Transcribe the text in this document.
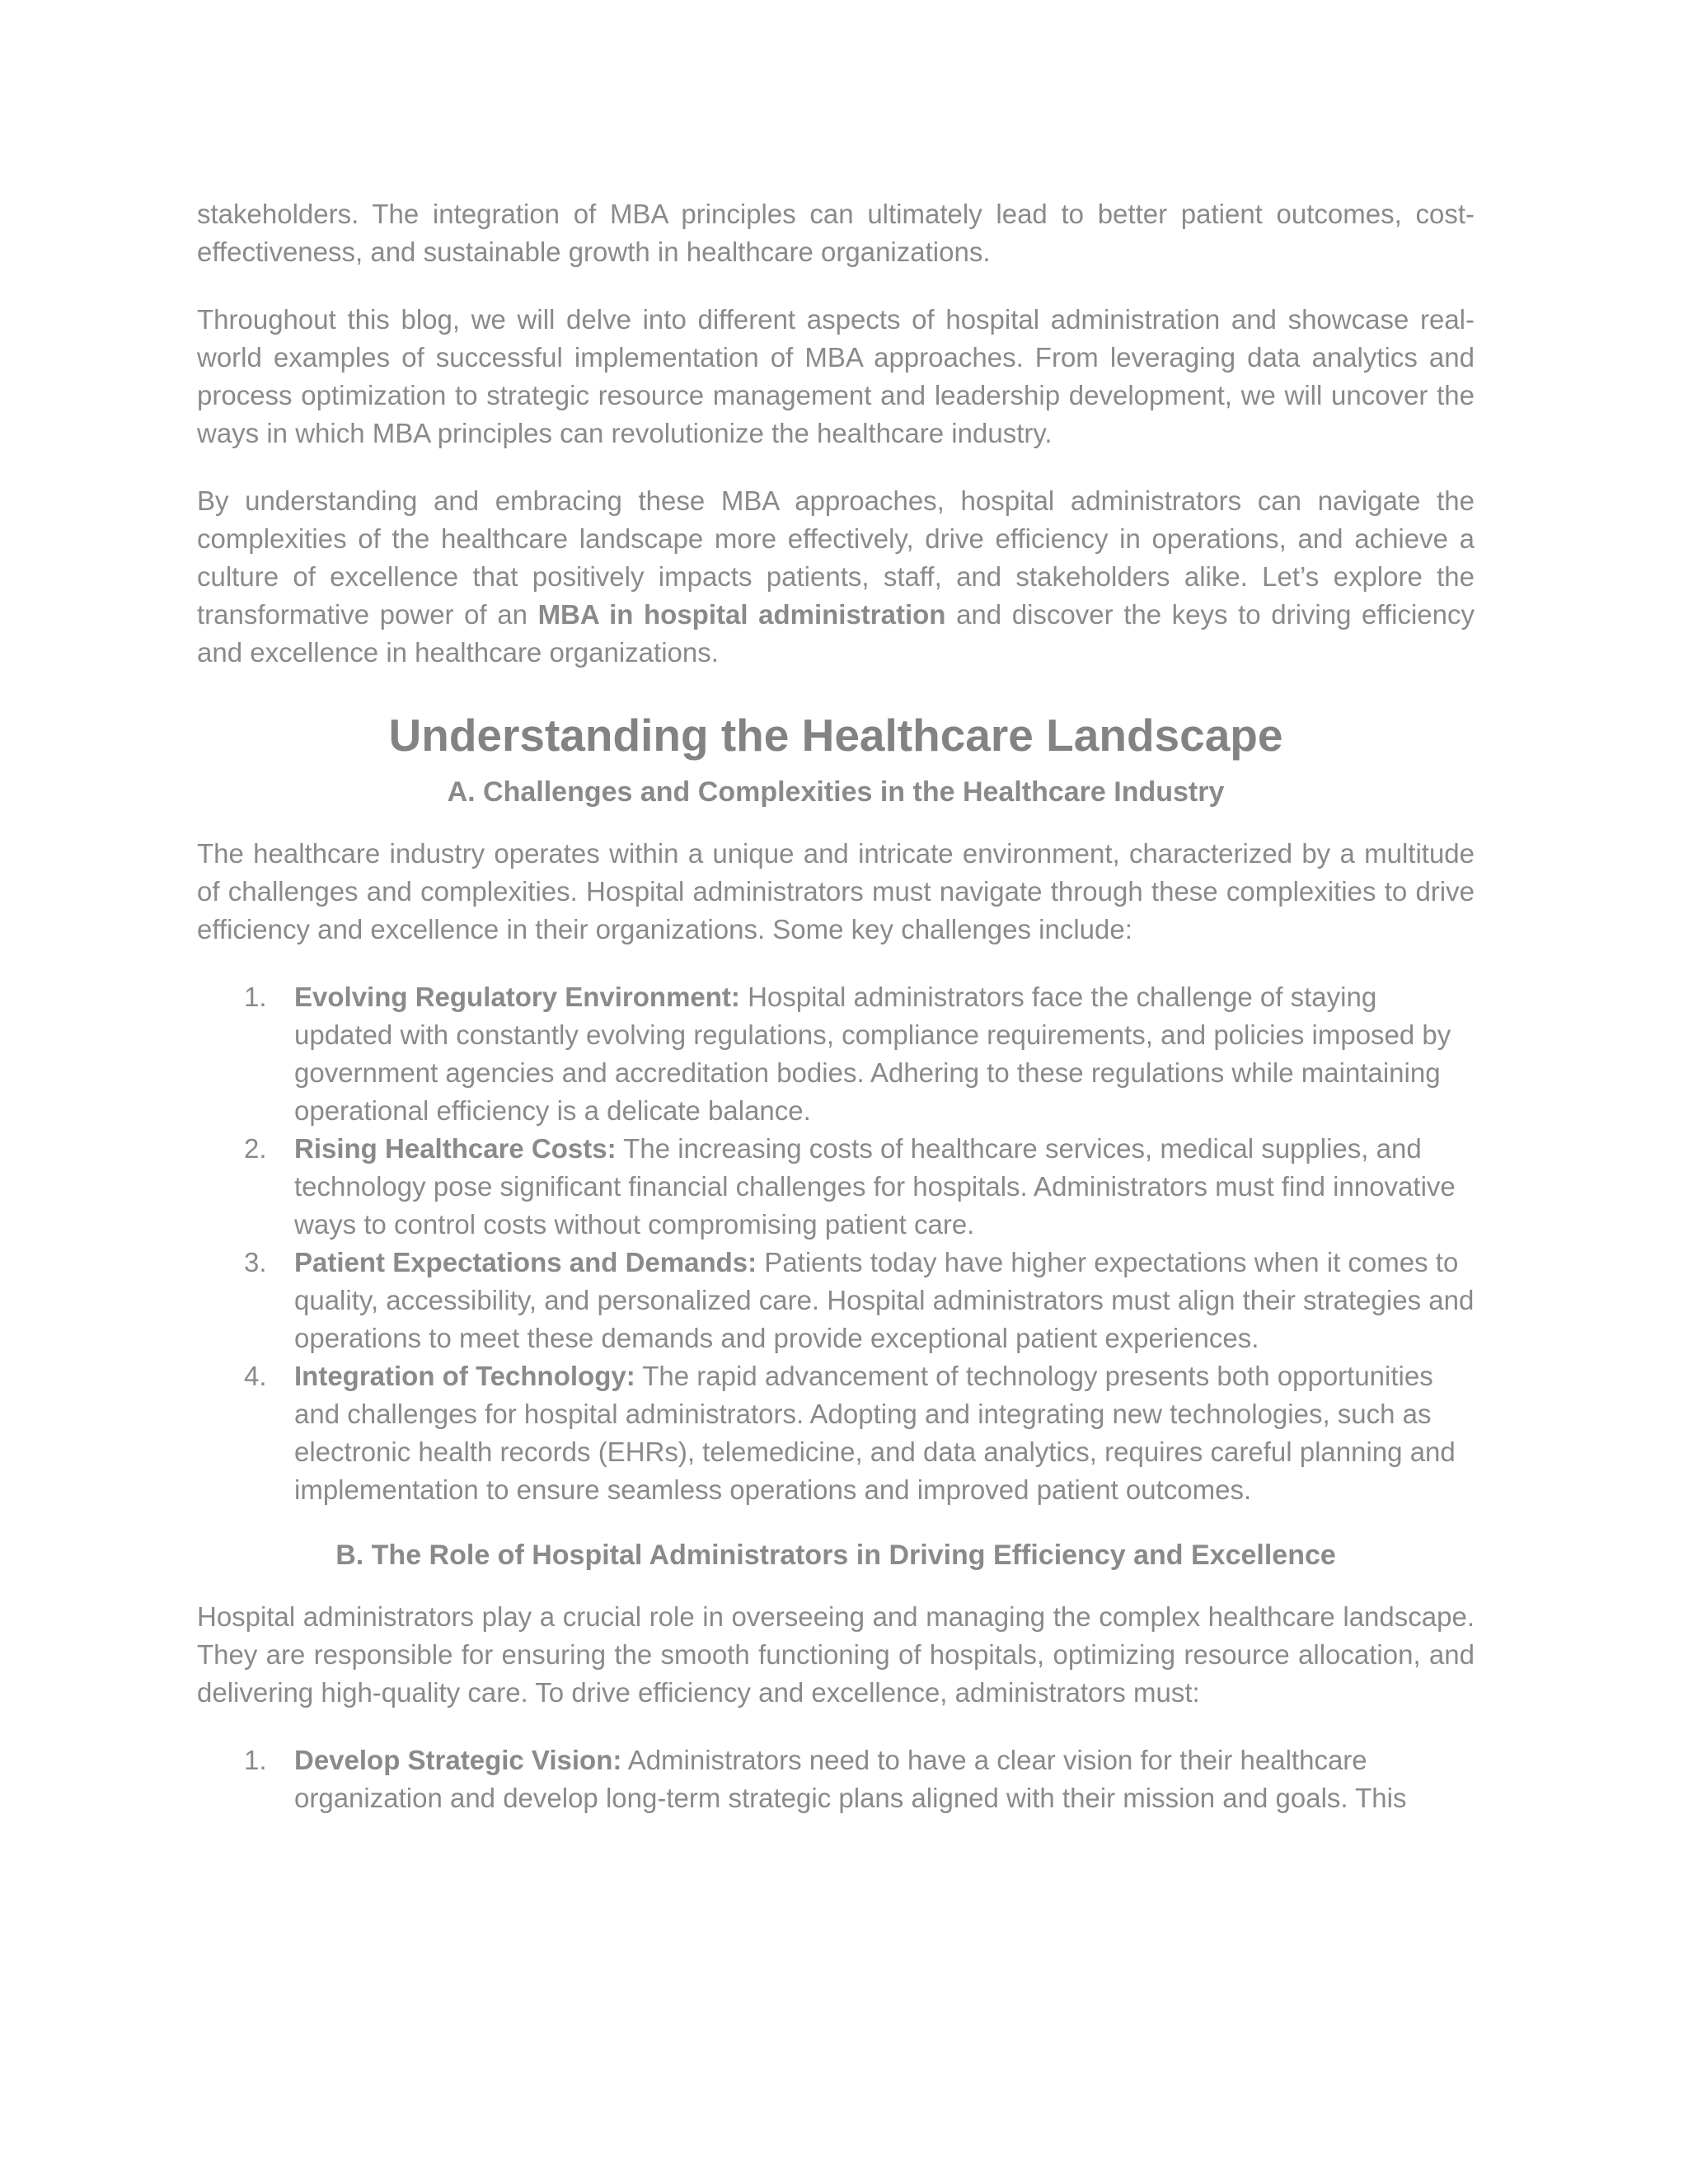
stakeholders. The integration of MBA principles can ultimately lead to better patient outcomes, cost-effectiveness, and sustainable growth in healthcare organizations.

Throughout this blog, we will delve into different aspects of hospital administration and showcase real-world examples of successful implementation of MBA approaches. From leveraging data analytics and process optimization to strategic resource management and leadership development, we will uncover the ways in which MBA principles can revolutionize the healthcare industry.

By understanding and embracing these MBA approaches, hospital administrators can navigate the complexities of the healthcare landscape more effectively, drive efficiency in operations, and achieve a culture of excellence that positively impacts patients, staff, and stakeholders alike. Let’s explore the transformative power of an MBA in hospital administration and discover the keys to driving efficiency and excellence in healthcare organizations.

Understanding the Healthcare Landscape
A. Challenges and Complexities in the Healthcare Industry

The healthcare industry operates within a unique and intricate environment, characterized by a multitude of challenges and complexities. Hospital administrators must navigate through these complexities to drive efficiency and excellence in their organizations. Some key challenges include:

1. Evolving Regulatory Environment: Hospital administrators face the challenge of staying updated with constantly evolving regulations, compliance requirements, and policies imposed by government agencies and accreditation bodies. Adhering to these regulations while maintaining operational efficiency is a delicate balance.
2. Rising Healthcare Costs: The increasing costs of healthcare services, medical supplies, and technology pose significant financial challenges for hospitals. Administrators must find innovative ways to control costs without compromising patient care.
3. Patient Expectations and Demands: Patients today have higher expectations when it comes to quality, accessibility, and personalized care. Hospital administrators must align their strategies and operations to meet these demands and provide exceptional patient experiences.
4. Integration of Technology: The rapid advancement of technology presents both opportunities and challenges for hospital administrators. Adopting and integrating new technologies, such as electronic health records (EHRs), telemedicine, and data analytics, requires careful planning and implementation to ensure seamless operations and improved patient outcomes.
B. The Role of Hospital Administrators in Driving Efficiency and Excellence

Hospital administrators play a crucial role in overseeing and managing the complex healthcare landscape. They are responsible for ensuring the smooth functioning of hospitals, optimizing resource allocation, and delivering high-quality care. To drive efficiency and excellence, administrators must:

1. Develop Strategic Vision: Administrators need to have a clear vision for their healthcare organization and develop long-term strategic plans aligned with their mission and goals. This
